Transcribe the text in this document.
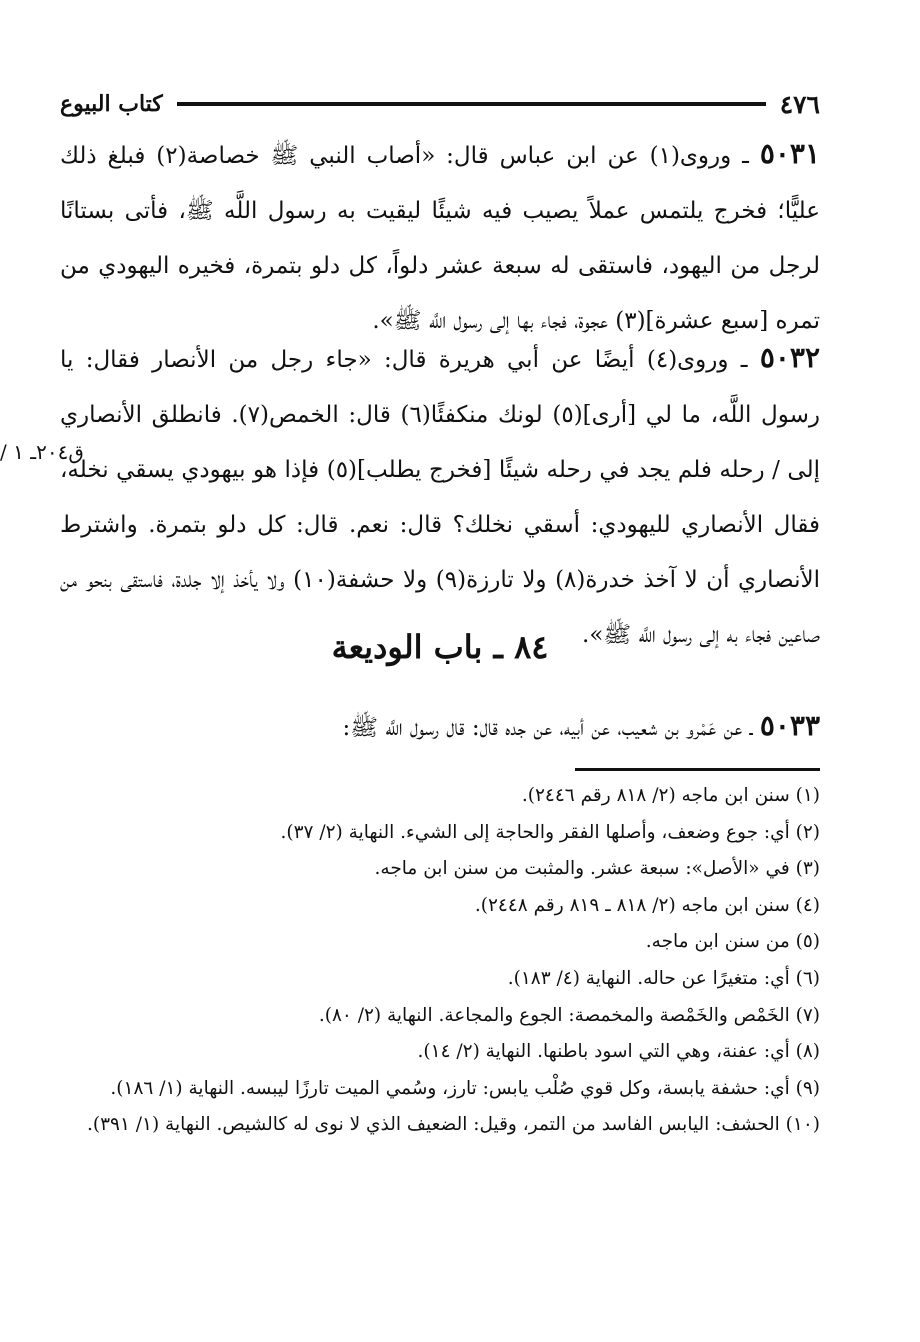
٤٧٦
كتاب البيوع

٥٠٣١ ـ وروى(١) عن ابن عباس قال: «أصاب النبي ﷺ خصاصة(٢) فبلغ ذلك عليًّا؛ فخرج يلتمس عملاً يصيب فيه شيئًا ليقيت به رسول اللَّه ﷺ، فأتى بستانًا لرجل من اليهود، فاستقى له سبعة عشر دلواً، كل دلو بتمرة، فخيره اليهودي من تمره [سبع عشرة](٣) عجوة، فجاء بها إلى رسول اللَّه ﷺ».

٥٠٣٢ ـ وروى(٤) أيضًا عن أبي هريرة قال: «جاء رجل من الأنصار فقال: يا رسول اللَّه، ما لي [أرى](٥) لونك منكفئًا(٦) قال: الخمص(٧). فانطلق الأنصاري إلى / رحله فلم يجد في رحله شيئًا [فخرج يطلب](٥) فإذا هو بيهودي يسقي نخله، فقال الأنصاري لليهودي: أسقي نخلك؟ قال: نعم. قال: كل دلو بتمرة. واشترط الأنصاري أن لا آخذ خدرة(٨) ولا تارزة(٩) ولا حشفة(١٠) ولا يأخذ إلا جلدة، فاستقى بنحو من صاعين فجاء به إلى رسول اللَّه ﷺ».

/ ق٢٠٤ـ ١
٨٤ ـ باب الوديعة

٥٠٣٣ ـ عن عَمْرو بن شعيب، عن أبيه، عن جده قال: قال رسول اللَّه ﷺ:

(١) سنن ابن ماجه (٢/ ٨١٨ رقم ٢٤٤٦).
(٢) أي: جوع وضعف، وأصلها الفقر والحاجة إلى الشيء. النهاية (٢/ ٣٧).
(٣) في «الأصل»: سبعة عشر. والمثبت من سنن ابن ماجه.
(٤) سنن ابن ماجه (٢/ ٨١٨ ـ ٨١٩ رقم ٢٤٤٨).
(٥) من سنن ابن ماجه.
(٦) أي: متغيرًا عن حاله. النهاية (٤/ ١٨٣).
(٧) الخَمْص والخَمْصة والمخمصة: الجوع والمجاعة. النهاية (٢/ ٨٠).
(٨) أي: عفنة، وهي التي اسود باطنها. النهاية (٢/ ١٤).
(٩) أي: حشفة يابسة، وكل قوي صُلْب يابس: تارز، وسُمي الميت تارزًا ليبسه. النهاية (١/ ١٨٦).
(١٠) الحشف: اليابس الفاسد من التمر، وقيل: الضعيف الذي لا نوى له كالشيص. النهاية (١/ ٣٩١).
